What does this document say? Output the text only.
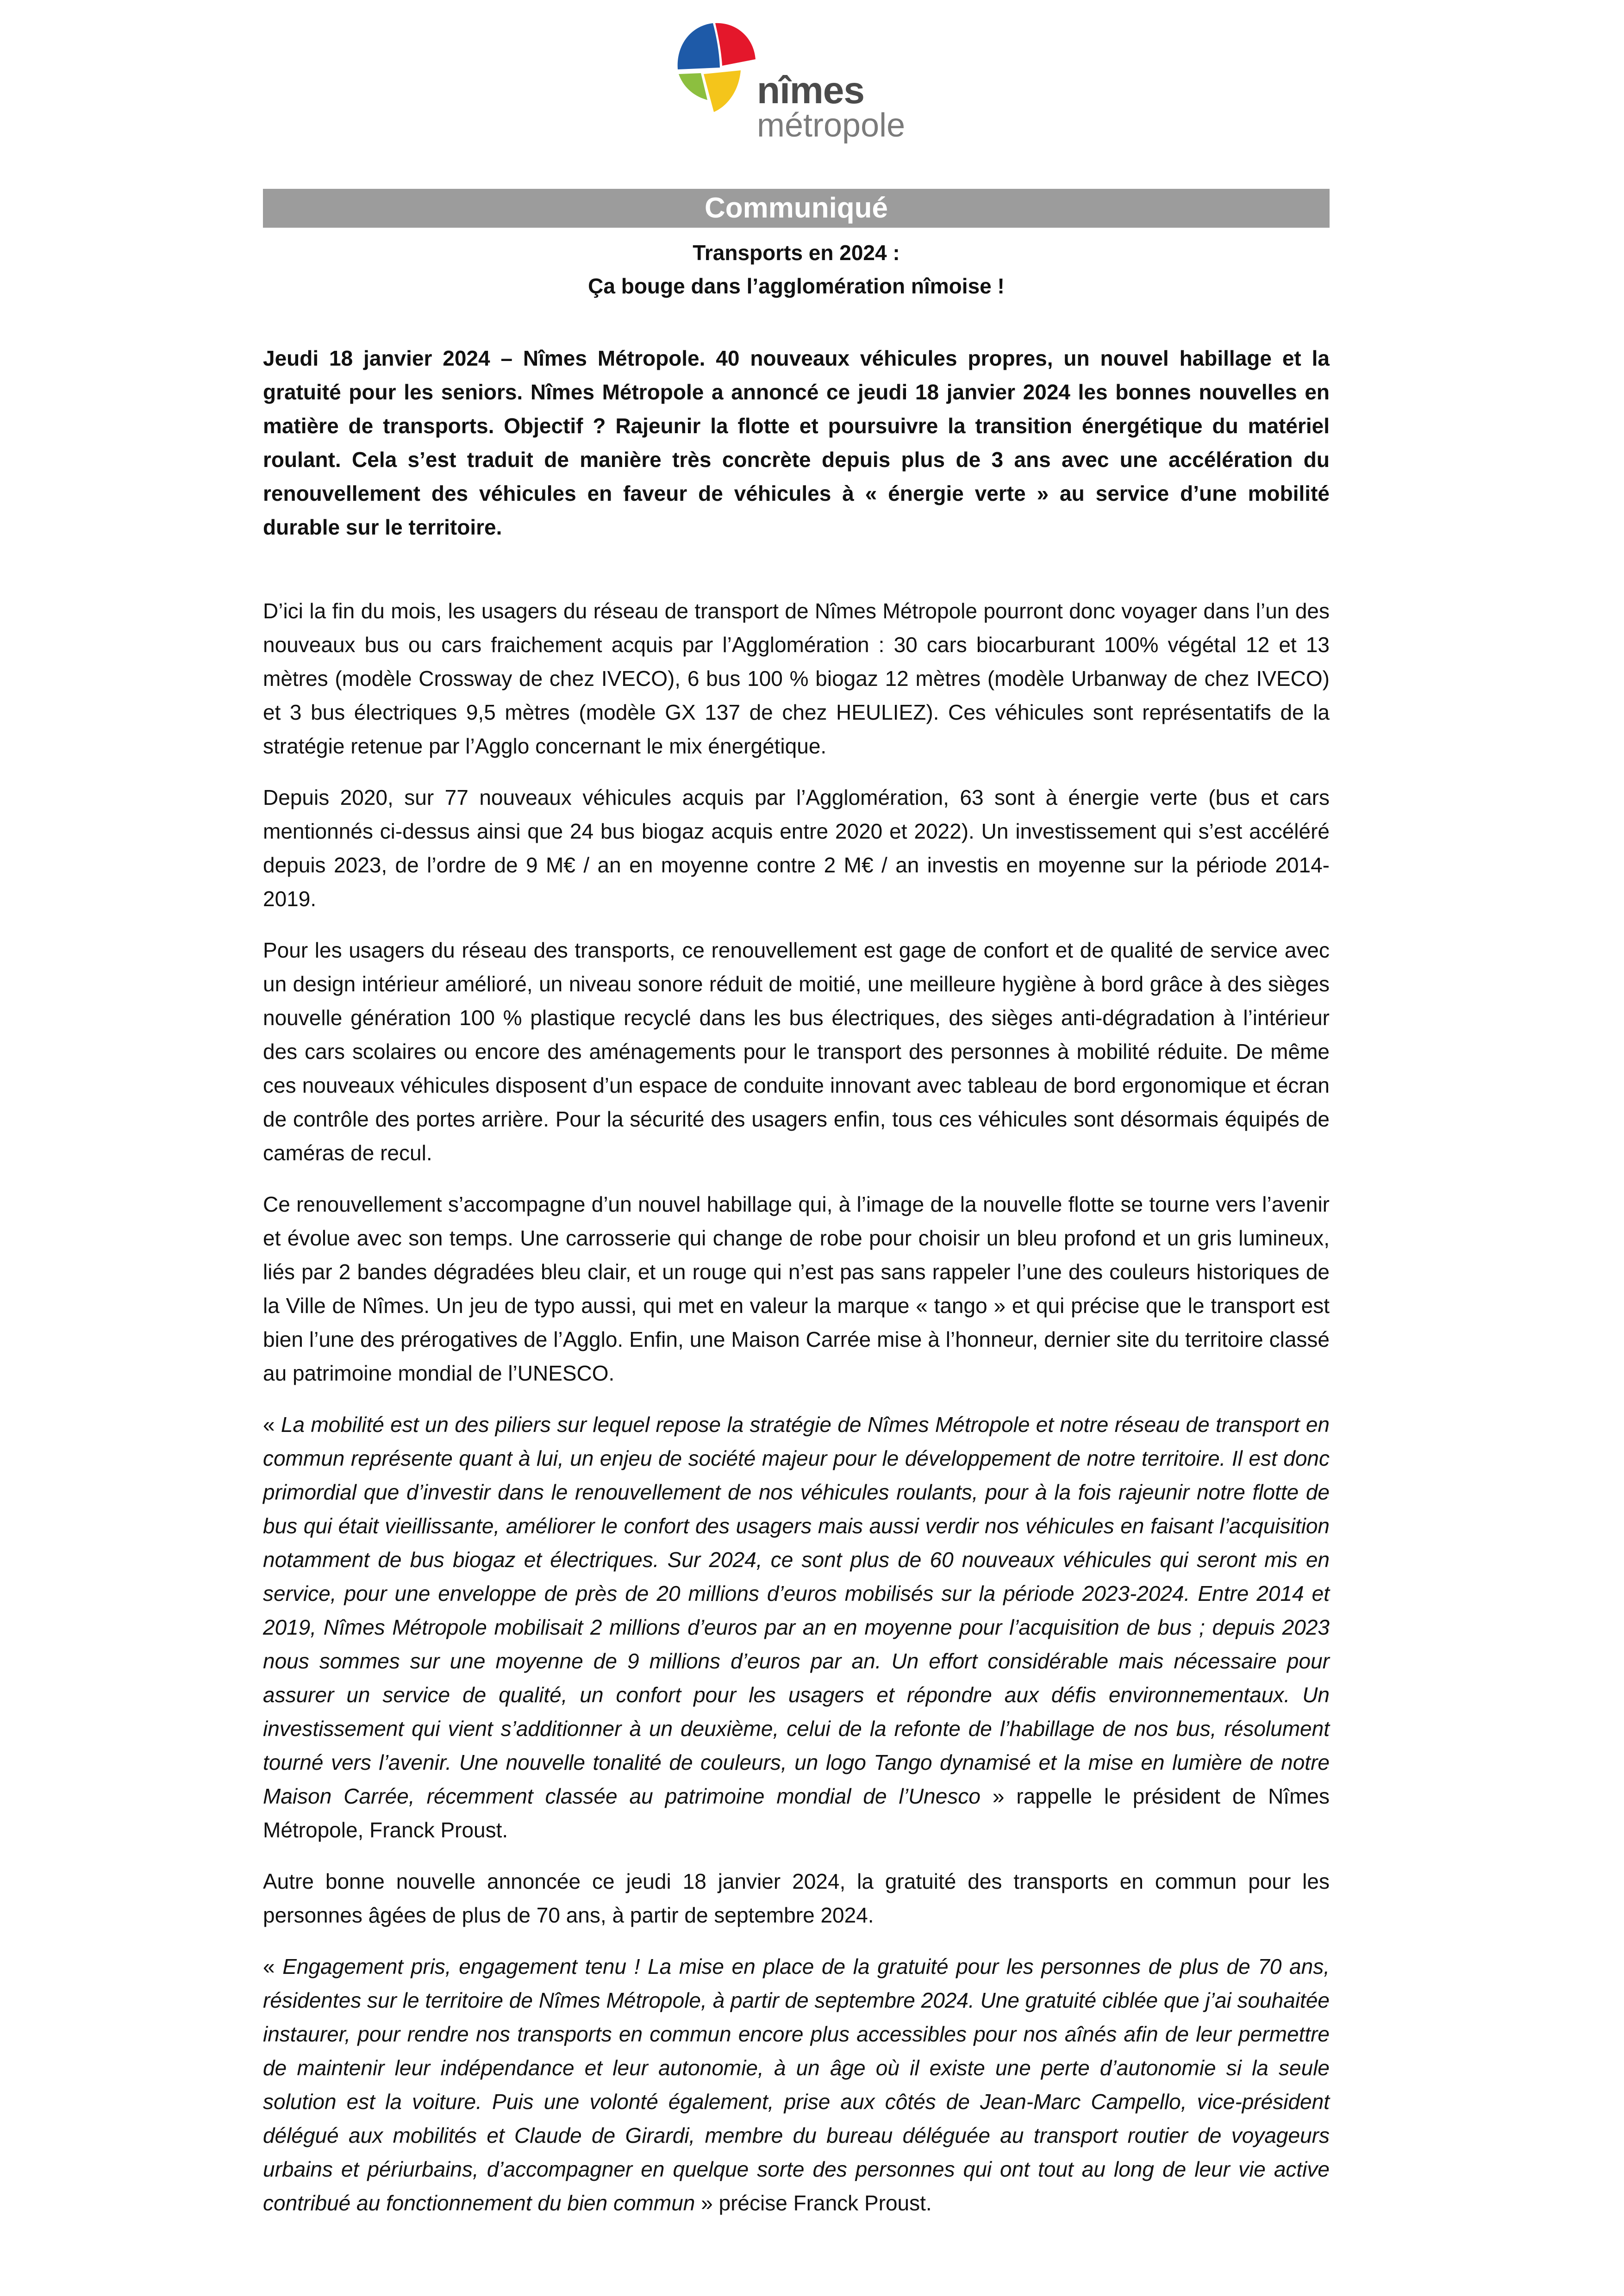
nîmes
métropole
Communiqué
Transports en 2024 :
Ça bouge dans l’agglomération nîmoise !

Jeudi 18 janvier 2024 – Nîmes Métropole. 40 nouveaux véhicules propres, un nouvel habillage et la gratuité pour les seniors. Nîmes Métropole a annoncé ce jeudi 18 janvier 2024 les bonnes nouvelles en matière de transports. Objectif ? Rajeunir la flotte et poursuivre la transition énergétique du matériel roulant. Cela s’est traduit de manière très concrète depuis plus de 3 ans avec une accélération du renouvellement des véhicules en faveur de véhicules à « énergie verte » au service d’une mobilité durable sur le territoire.

D’ici la fin du mois, les usagers du réseau de transport de Nîmes Métropole pourront donc voyager dans l’un des nouveaux bus ou cars fraichement acquis par l’Agglomération : 30 cars biocarburant 100% végétal 12 et 13 mètres (modèle Crossway de chez IVECO), 6 bus 100 % biogaz 12 mètres (modèle Urbanway de chez IVECO) et 3 bus électriques 9,5 mètres (modèle GX 137 de chez HEULIEZ). Ces véhicules sont représentatifs de la stratégie retenue par l’Agglo concernant le mix énergétique.

Depuis 2020, sur 77 nouveaux véhicules acquis par l’Agglomération, 63 sont à énergie verte (bus et cars mentionnés ci-dessus ainsi que 24 bus biogaz acquis entre 2020 et 2022). Un investissement qui s’est accéléré depuis 2023, de l’ordre de 9 M€ / an en moyenne contre 2 M€ / an investis en moyenne sur la période 2014-2019.

Pour les usagers du réseau des transports, ce renouvellement est gage de confort et de qualité de service avec un design intérieur amélioré, un niveau sonore réduit de moitié, une meilleure hygiène à bord grâce à des sièges nouvelle génération 100 % plastique recyclé dans les bus électriques, des sièges anti-dégradation à l’intérieur des cars scolaires ou encore des aménagements pour le transport des personnes à mobilité réduite. De même ces nouveaux véhicules disposent d’un espace de conduite innovant avec tableau de bord ergonomique et écran de contrôle des portes arrière. Pour la sécurité des usagers enfin, tous ces véhicules sont désormais équipés de caméras de recul.

Ce renouvellement s’accompagne d’un nouvel habillage qui, à l’image de la nouvelle flotte se tourne vers l’avenir et évolue avec son temps. Une carrosserie qui change de robe pour choisir un bleu profond et un gris lumineux, liés par 2 bandes dégradées bleu clair, et un rouge qui n’est pas sans rappeler l’une des couleurs historiques de la Ville de Nîmes. Un jeu de typo aussi, qui met en valeur la marque « tango » et qui précise que le transport est bien l’une des prérogatives de l’Agglo. Enfin, une Maison Carrée mise à l’honneur, dernier site du territoire classé au patrimoine mondial de l’UNESCO.

« La mobilité est un des piliers sur lequel repose la stratégie de Nîmes Métropole et notre réseau de transport en commun représente quant à lui, un enjeu de société majeur pour le développement de notre territoire. Il est donc primordial que d’investir dans le renouvellement de nos véhicules roulants, pour à la fois rajeunir notre flotte de bus qui était vieillissante, améliorer le confort des usagers mais aussi verdir nos véhicules en faisant l’acquisition notamment de bus biogaz et électriques. Sur 2024, ce sont plus de 60 nouveaux véhicules qui seront mis en service, pour une enveloppe de près de 20 millions d’euros mobilisés sur la période 2023-2024. Entre 2014 et 2019, Nîmes Métropole mobilisait 2 millions d’euros par an en moyenne pour l’acquisition de bus ; depuis 2023 nous sommes sur une moyenne de 9 millions d’euros par an. Un effort considérable mais nécessaire pour assurer un service de qualité, un confort pour les usagers et répondre aux défis environnementaux. Un investissement qui vient s’additionner à un deuxième, celui de la refonte de l’habillage de nos bus, résolument tourné vers l’avenir. Une nouvelle tonalité de couleurs, un logo Tango dynamisé et la mise en lumière de notre Maison Carrée, récemment classée au patrimoine mondial de l’Unesco » rappelle le président de Nîmes Métropole, Franck Proust.

Autre bonne nouvelle annoncée ce jeudi 18 janvier 2024, la gratuité des transports en commun pour les personnes âgées de plus de 70 ans, à partir de septembre 2024.

« Engagement pris, engagement tenu ! La mise en place de la gratuité pour les personnes de plus de 70 ans, résidentes sur le territoire de Nîmes Métropole, à partir de septembre 2024. Une gratuité ciblée que j’ai souhaitée instaurer, pour rendre nos transports en commun encore plus accessibles pour nos aînés afin de leur permettre de maintenir leur indépendance et leur autonomie, à un âge où il existe une perte d’autonomie si la seule solution est la voiture. Puis une volonté également, prise aux côtés de Jean-Marc Campello, vice-président délégué aux mobilités et Claude de Girardi, membre du bureau déléguée au transport routier de voyageurs urbains et périurbains, d’accompagner en quelque sorte des personnes qui ont tout au long de leur vie active contribué au fonctionnement du bien commun » précise Franck Proust.
